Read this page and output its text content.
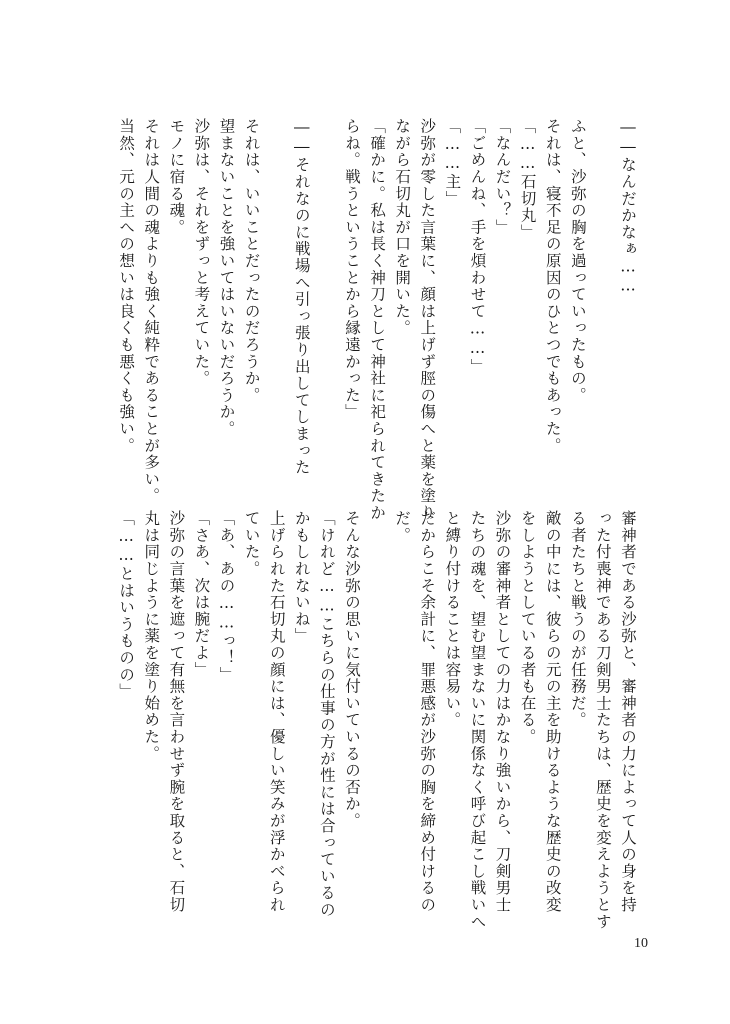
――なんだかなぁ……
ふと、沙弥の胸を過っていったもの。
それは、寝不足の原因のひとつでもあった。
「……石切丸」
「なんだい？」
「ごめんね、手を煩わせて……」
「……主」
沙弥が零した言葉に、顔は上げず脛の傷へと薬を塗り
ながら石切丸が口を開いた。
「確かに。私は長く神刀として神社に祀られてきたか
らね。戦うということから縁遠かった」
――それなのに戦場へ引っ張り出してしまった
それは、いいことだったのだろうか。
望まないことを強いてはいないだろうか。
沙弥は、それをずっと考えていた。
モノに宿る魂。
それは人間の魂よりも強く純粋であることが多い。
当然、元の主への想いは良くも悪くも強い。
審神者である沙弥と、審神者の力によって人の身を持
った付喪神である刀剣男士たちは、歴史を変えようとす
る者たちと戦うのが任務だ。
敵の中には、彼らの元の主を助けるような歴史の改変
をしようとしている者も在る。
沙弥の審神者としての力はかなり強いから、刀剣男士
たちの魂を、望む望まないに関係なく呼び起こし戦いへ
と縛り付けることは容易い。
だからこそ余計に、罪悪感が沙弥の胸を締め付けるの
だ。
そんな沙弥の思いに気付いているの否か。
「けれど……こちらの仕事の方が性には合っているの
かもしれないね」
上げられた石切丸の顔には、優しい笑みが浮かべられ
ていた。
「あ、あの……っ！」
「さあ、次は腕だよ」
沙弥の言葉を遮って有無を言わせず腕を取ると、石切
丸は同じように薬を塗り始めた。
「……とはいうものの」
10
